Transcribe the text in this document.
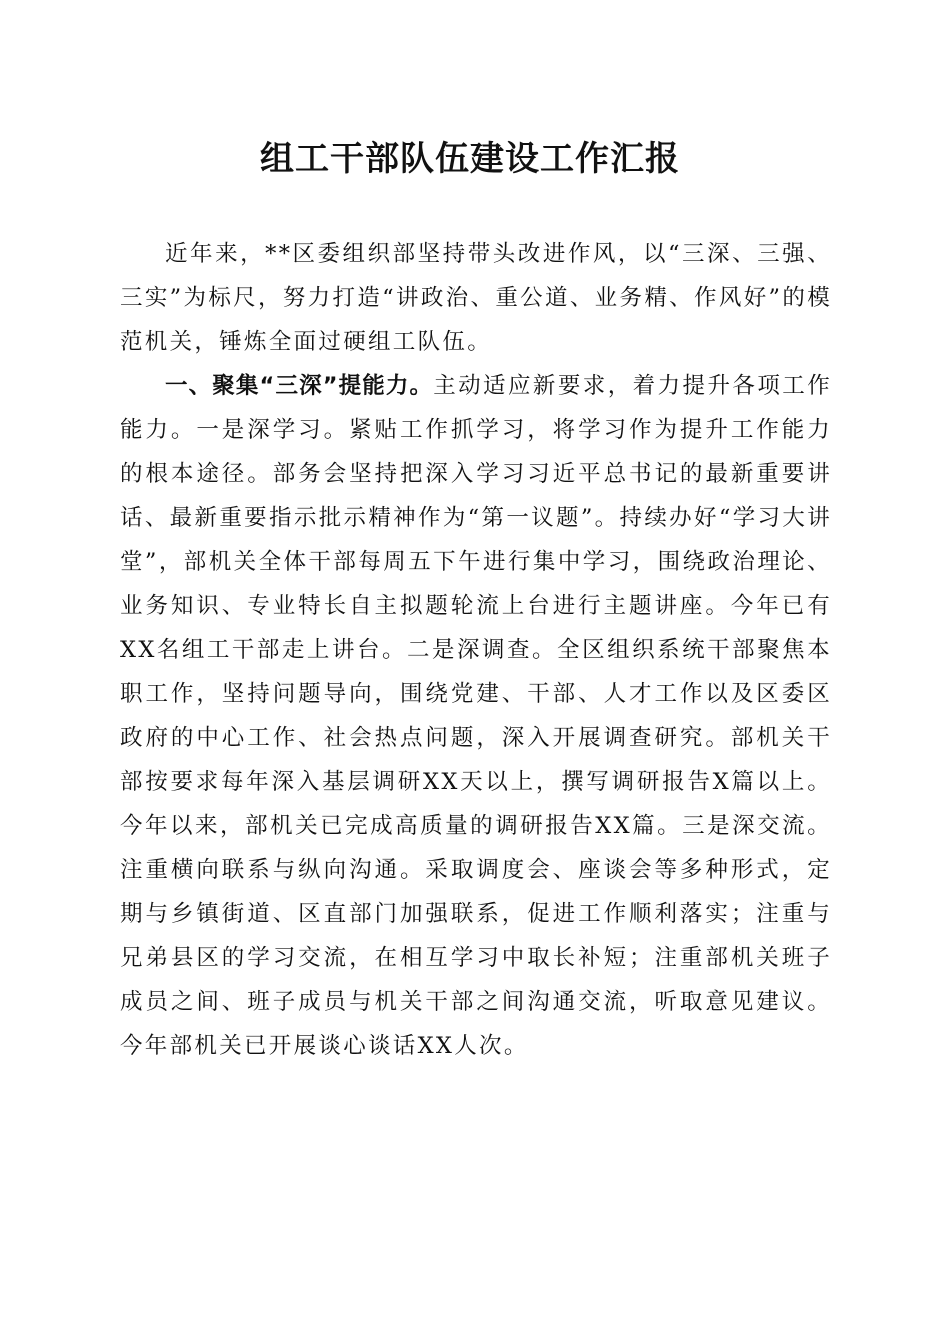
组工干部队伍建设工作汇报

近年来，**区委组织部坚持带头改进作风，以“三深、三强、三实”为标尺，努力打造“讲政治、重公道、业务精、作风好”的模范机关，锤炼全面过硬组工队伍。

一、聚集“三深”提能力。主动适应新要求，着力提升各项工作能力。一是深学习。紧贴工作抓学习，将学习作为提升工作能力的根本途径。部务会坚持把深入学习习近平总书记的最新重要讲话、最新重要指示批示精神作为“第一议题”。持续办好“学习大讲堂”，部机关全体干部每周五下午进行集中学习，围绕政治理论、业务知识、专业特长自主拟题轮流上台进行主题讲座。今年已有XX名组工干部走上讲台。二是深调查。全区组织系统干部聚焦本职工作，坚持问题导向，围绕党建、干部、人才工作以及区委区政府的中心工作、社会热点问题，深入开展调查研究。部机关干部按要求每年深入基层调研XX天以上，撰写调研报告X篇以上。今年以来，部机关已完成高质量的调研报告XX篇。三是深交流。注重横向联系与纵向沟通。采取调度会、座谈会等多种形式，定期与乡镇街道、区直部门加强联系，促进工作顺利落实；注重与兄弟县区的学习交流，在相互学习中取长补短；注重部机关班子成员之间、班子成员与机关干部之间沟通交流，听取意见建议。今年部机关已开展谈心谈话XX人次。
